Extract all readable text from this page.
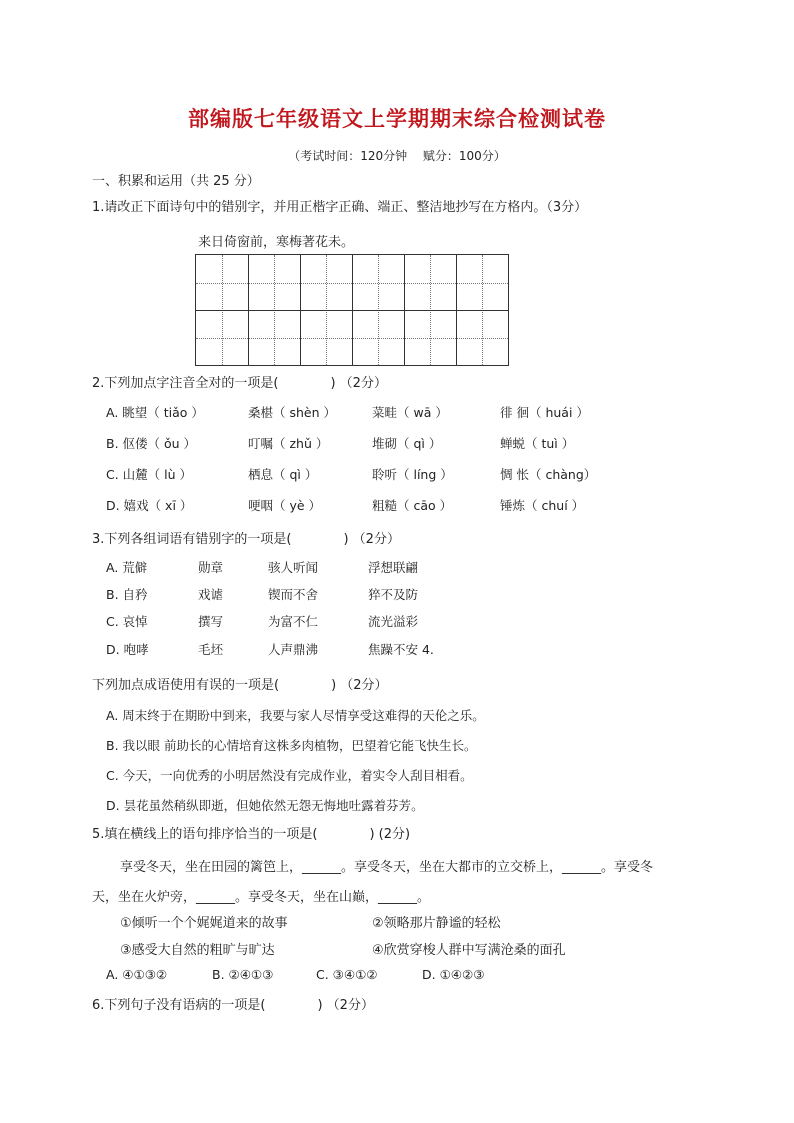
部编版七年级语文上学期期末综合检测试卷
（考试时间：120分钟　 赋分：100分）
一、积累和运用（共 25 分）
1.请改正下面诗句中的错别字，并用正楷字正确、端正、整洁地抄写在方格内。（3分）
来日倚窗前，寒梅著花未。
2.下列加点字注音全对的一项是(　　　　) （2分）
A. 眺望（ tiǎo ）	桑椹（ shèn ）	菜畦（ wā ）	徘 徊（ huái ）
B. 伛偻（ ǒu ）	叮嘱（ zhǔ ）	堆砌（ qì ）	蝉蜕（ tuì ）
C. 山麓（ lù ）	栖息（ qì ）	聆听（ líng ）	惆 怅（ chàng）
D. 嬉戏（ xī ）	哽咽（ yè ）	粗糙（ cāo ）	锤炼（ chuí ）
3.下列各组词语有错别字的一项是(　　　　) （2分）
A. 荒僻	勋章	骇人听闻	浮想联翩
B. 自矜	戏谑	锲而不舍	猝不及防
C. 哀悼	撰写	为富不仁	流光溢彩
D. 咆哮	毛坯	人声鼎沸	焦躁不安 4.
下列加点成语使用有误的一项是(　　　　) （2分）
A. 周末终于在期盼中到来，我要与家人尽情享受这难得的天伦之乐。
B. 我以眼 前助长的心情培育这株多肉植物，巴望着它能飞快生长。
C. 今天，一向优秀的小明居然没有完成作业，着实令人刮目相看。
D. 昙花虽然稍纵即逝，但她依然无怨无悔地吐露着芬芳。
5.填在横线上的语句排序恰当的一项是(　　　　) (2分)
享受冬天，坐在田园的篱笆上，______。享受冬天，坐在大都市的立交桥上，______。享受冬
天，坐在火炉旁，______。享受冬天，坐在山巅，______。
①倾听一个个娓娓道来的故事	②领略那片静谧的轻松
③感受大自然的粗旷与旷达	④欣赏穿梭人群中写满沧桑的面孔
A. ④①③②	B. ②④①③	C. ③④①②	D. ①④②③
6.下列句子没有语病的一项是(　　　　) （2分）
